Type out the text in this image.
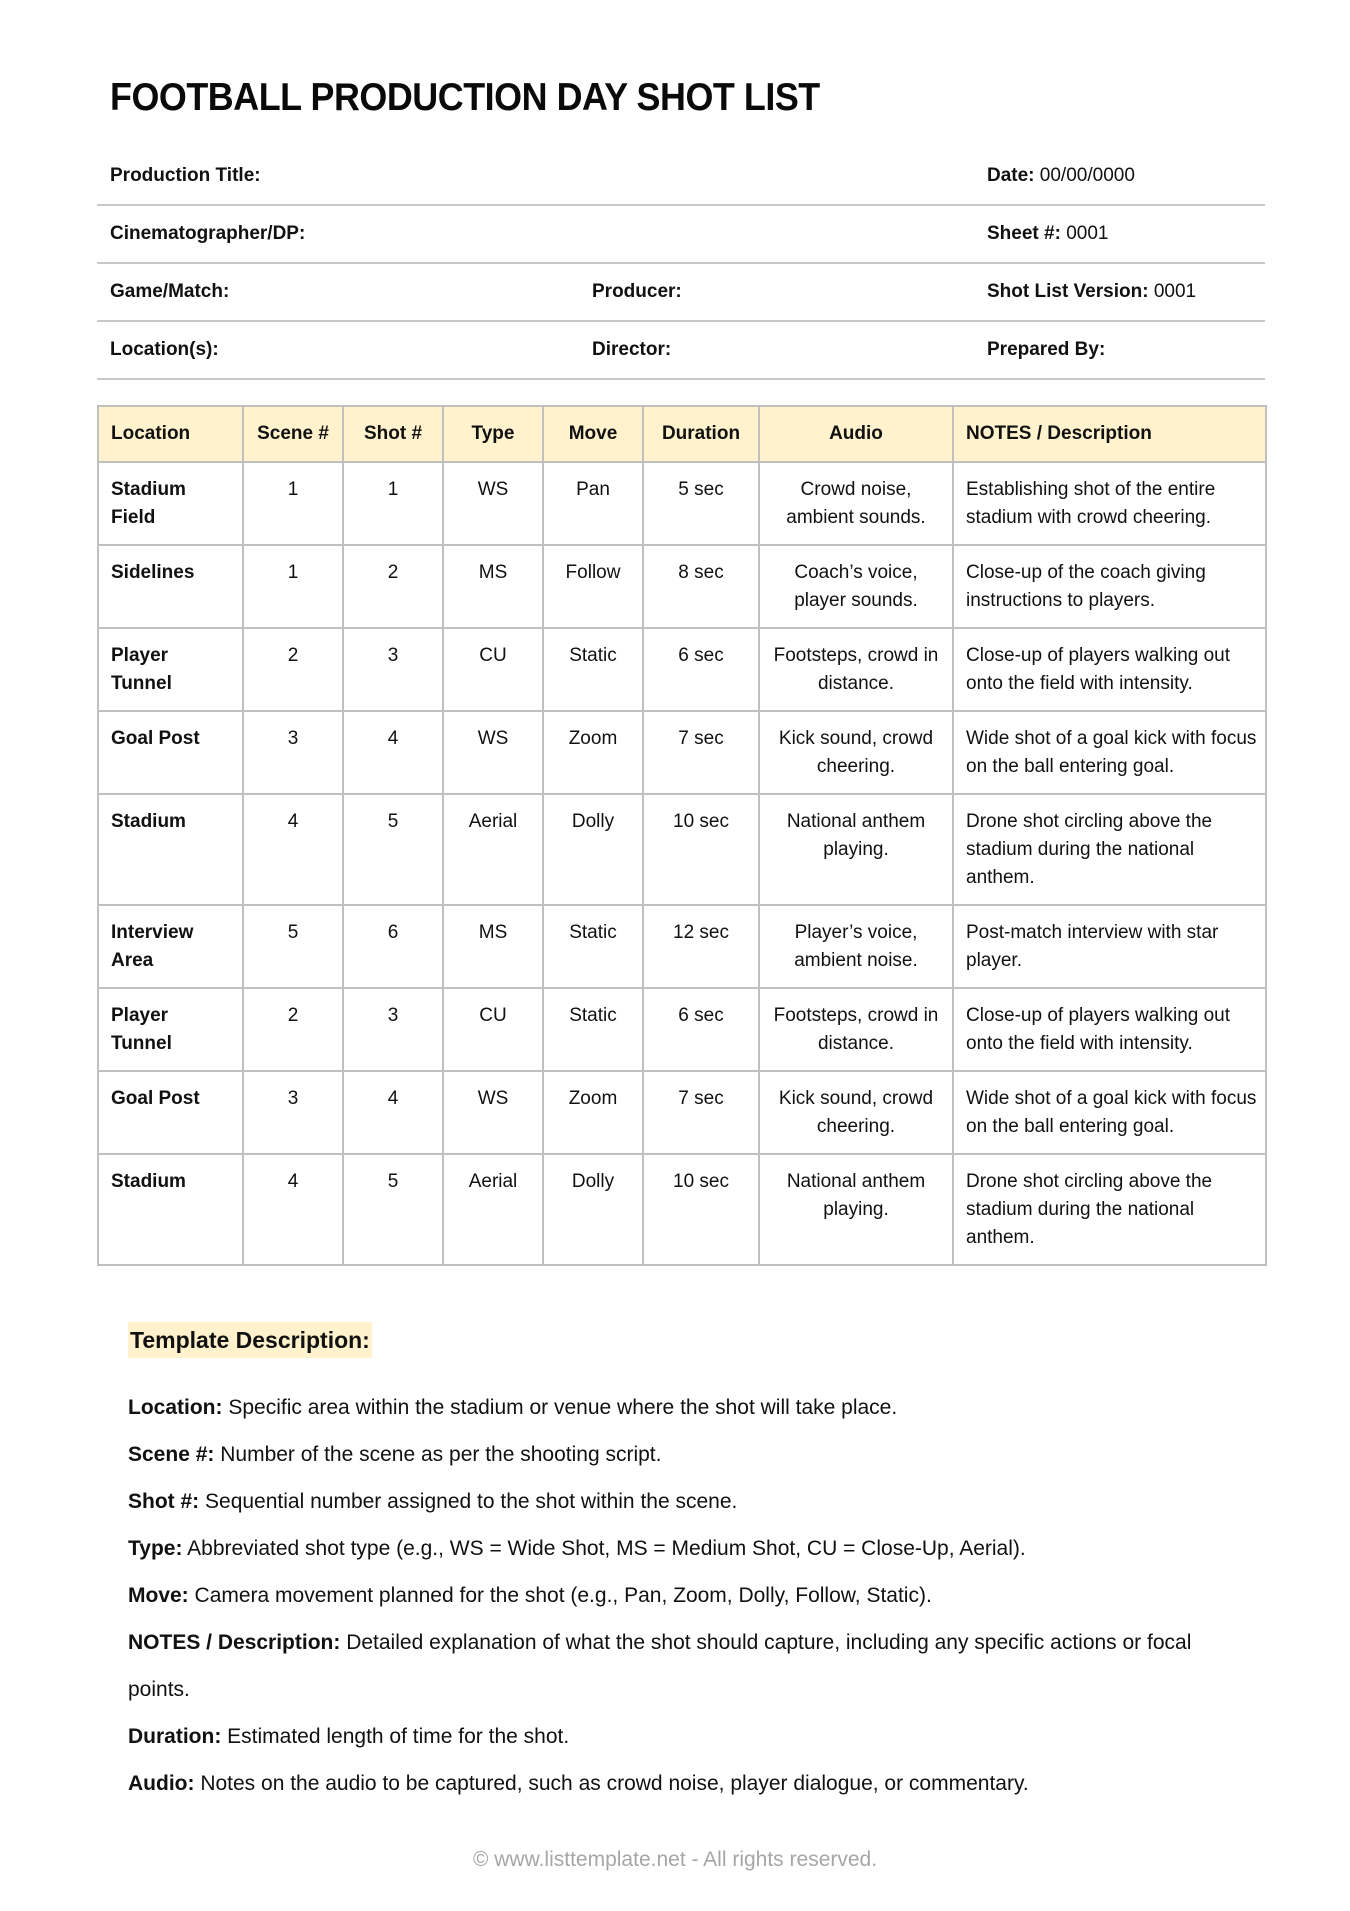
FOOTBALL PRODUCTION DAY SHOT LIST
Production Title:	Date: 00/00/0000
Cinematographer/DP:	Sheet #: 0001
Game/Match:	Producer:	Shot List Version: 0001
Location(s):	Director:	Prepared By:
Location	Scene #	Shot #	Type	Move	Duration	Audio	NOTES / Description
Stadium Field	1	1	WS	Pan	5 sec	Crowd noise, ambient sounds.	Establishing shot of the entire stadium with crowd cheering.
Sidelines	1	2	MS	Follow	8 sec	Coach’s voice, player sounds.	Close-up of the coach giving instructions to players.
Player Tunnel	2	3	CU	Static	6 sec	Footsteps, crowd in distance.	Close-up of players walking out onto the field with intensity.
Goal Post	3	4	WS	Zoom	7 sec	Kick sound, crowd cheering.	Wide shot of a goal kick with focus on the ball entering goal.
Stadium	4	5	Aerial	Dolly	10 sec	National anthem playing.	Drone shot circling above the stadium during the national anthem.
Interview Area	5	6	MS	Static	12 sec	Player’s voice, ambient noise.	Post-match interview with star player.
Player Tunnel	2	3	CU	Static	6 sec	Footsteps, crowd in distance.	Close-up of players walking out onto the field with intensity.
Goal Post	3	4	WS	Zoom	7 sec	Kick sound, crowd cheering.	Wide shot of a goal kick with focus on the ball entering goal.
Stadium	4	5	Aerial	Dolly	10 sec	National anthem playing.	Drone shot circling above the stadium during the national anthem.
Template Description:
Location: Specific area within the stadium or venue where the shot will take place.
Scene #: Number of the scene as per the shooting script.
Shot #: Sequential number assigned to the shot within the scene.
Type: Abbreviated shot type (e.g., WS = Wide Shot, MS = Medium Shot, CU = Close-Up, Aerial).
Move: Camera movement planned for the shot (e.g., Pan, Zoom, Dolly, Follow, Static).
NOTES / Description: Detailed explanation of what the shot should capture, including any specific actions or focal points.
Duration: Estimated length of time for the shot.
Audio: Notes on the audio to be captured, such as crowd noise, player dialogue, or commentary.
© www.listtemplate.net - All rights reserved.
